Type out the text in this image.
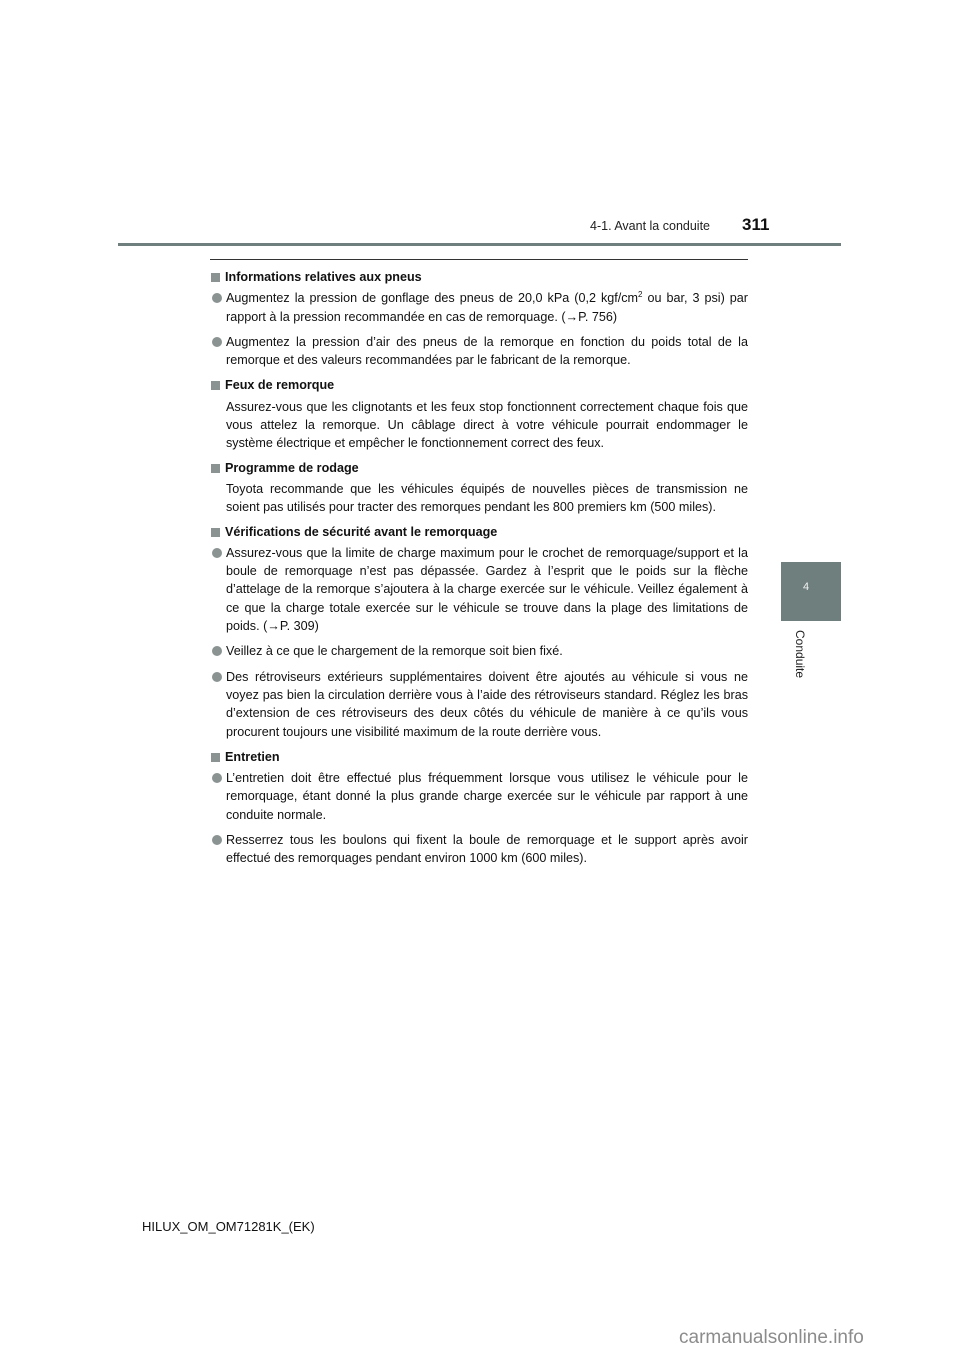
4-1. Avant la conduite 311
4
Conduite
Informations relatives aux pneus
Augmentez la pression de gonflage des pneus de 20,0 kPa (0,2 kgf/$cm^2$ ou bar, 3 psi) par rapport à la pression recommandée en cas de remorquage. (→P. 756)
Augmentez la pression d’air des pneus de la remorque en fonction du poids total de la remorque et des valeurs recommandées par le fabricant de la remorque.
Feux de remorque
Assurez-vous que les clignotants et les feux stop fonctionnent correctement chaque fois que vous attelez la remorque. Un câblage direct à votre véhicule pourrait endommager le système électrique et empêcher le fonctionnement correct des feux.
Programme de rodage
Toyota recommande que les véhicules équipés de nouvelles pièces de transmission ne soient pas utilisés pour tracter des remorques pendant les 800 premiers km (500 miles).
Vérifications de sécurité avant le remorquage
Assurez-vous que la limite de charge maximum pour le crochet de remorquage/support et la boule de remorquage n’est pas dépassée. Gardez à l’esprit que le poids sur la flèche d’attelage de la remorque s’ajoutera à la charge exercée sur le véhicule. Veillez également à ce que la charge totale exercée sur le véhicule se trouve dans la plage des limitations de poids. (→P. 309)
Veillez à ce que le chargement de la remorque soit bien fixé.
Des rétroviseurs extérieurs supplémentaires doivent être ajoutés au véhicule si vous ne voyez pas bien la circulation derrière vous à l’aide des rétroviseurs standard. Réglez les bras d’extension de ces rétroviseurs des deux côtés du véhicule de manière à ce qu’ils vous procurent toujours une visibilité maximum de la route derrière vous.
Entretien
L’entretien doit être effectué plus fréquemment lorsque vous utilisez le véhicule pour le remorquage, étant donné la plus grande charge exercée sur le véhicule par rapport à une conduite normale.
Resserrez tous les boulons qui fixent la boule de remorquage et le support après avoir effectué des remorquages pendant environ 1000 km (600 miles).
HILUX_OM_OM71281K_(EK)
carmanualsonline.info
